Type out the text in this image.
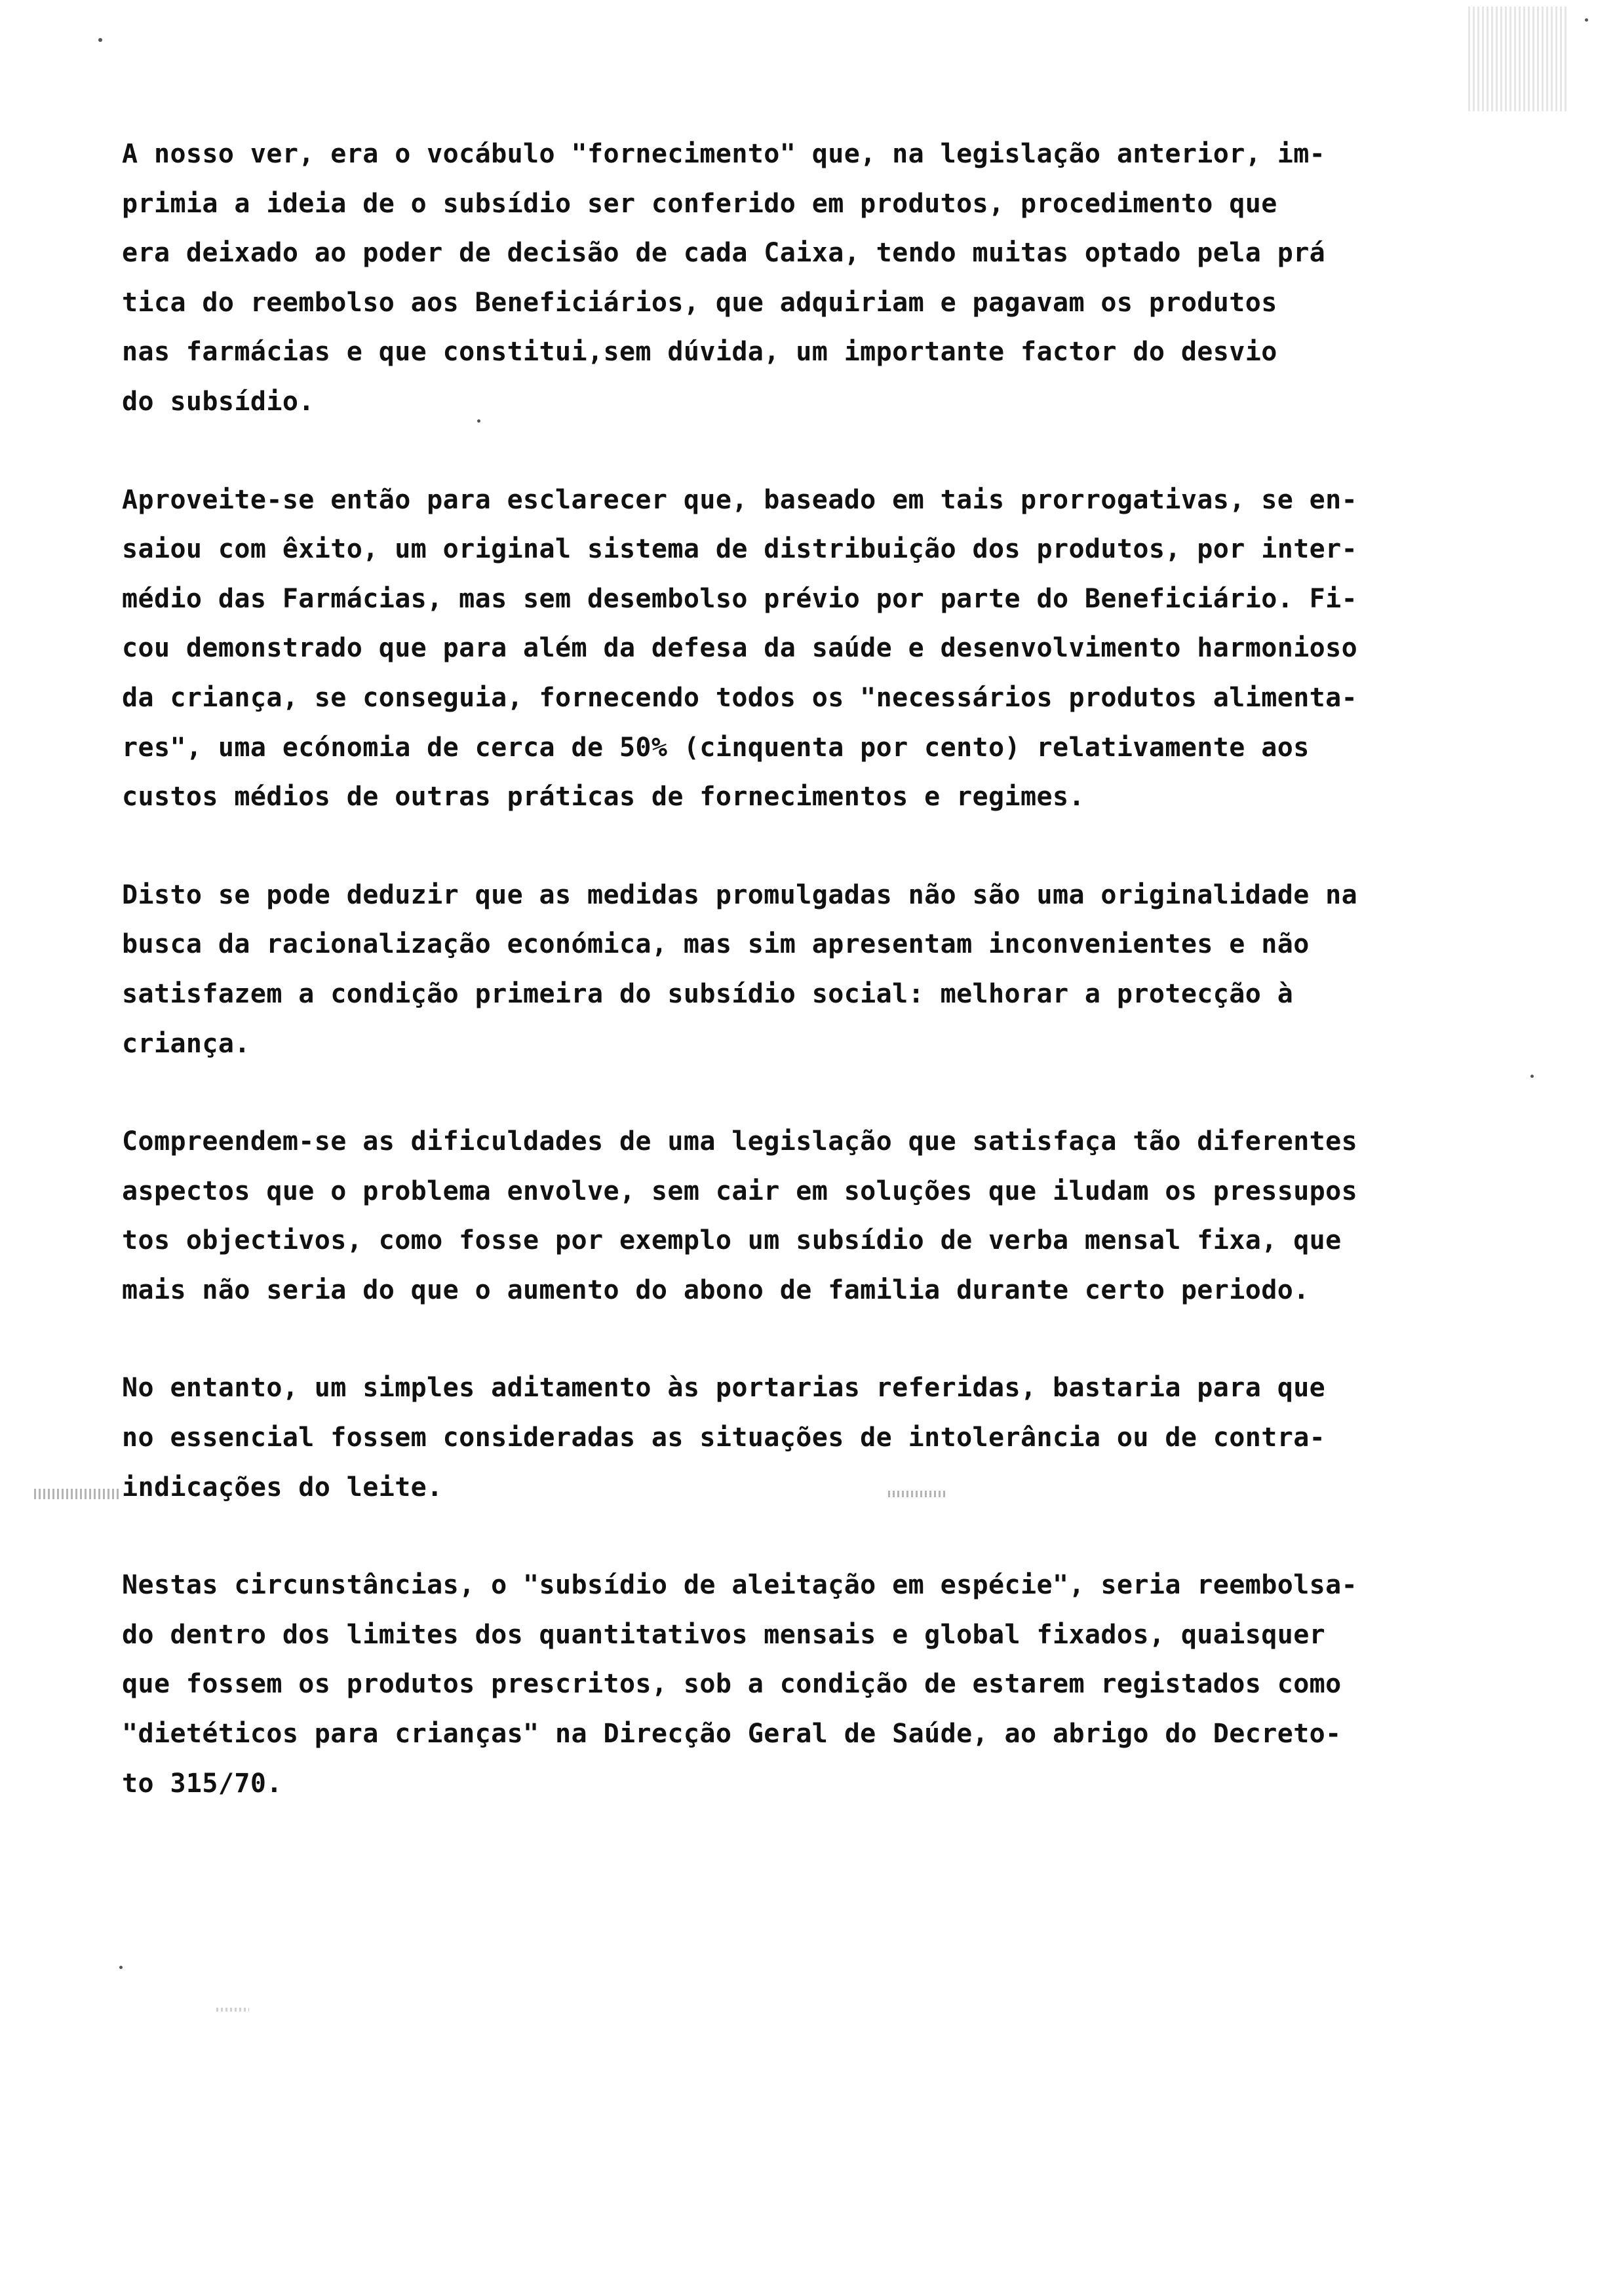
A nosso ver, era o vocábulo "fornecimento" que, na legislação anterior, im-
primia a ideia de o subsídio ser conferido em produtos, procedimento que
era deixado ao poder de decisão de cada Caixa, tendo muitas optado pela prá
tica do reembolso aos Beneficiários, que adquiriam e pagavam os produtos
nas farmácias e que constitui,sem dúvida, um importante factor do desvio
do subsídio.
Aproveite-se então para esclarecer que, baseado em tais prorrogativas, se en-
saiou com êxito, um original sistema de distribuição dos produtos, por inter-
médio das Farmácias, mas sem desembolso prévio por parte do Beneficiário. Fi-
cou demonstrado que para além da defesa da saúde e desenvolvimento harmonioso
da criança, se conseguia, fornecendo todos os "necessários produtos alimenta-
res", uma ecónomia de cerca de 50% (cinquenta por cento) relativamente aos
custos médios de outras práticas de fornecimentos e regimes.
Disto se pode deduzir que as medidas promulgadas não são uma originalidade na
busca da racionalização económica, mas sim apresentam inconvenientes e não
satisfazem a condição primeira do subsídio social: melhorar a protecção à
criança.
Compreendem-se as dificuldades de uma legislação que satisfaça tão diferentes
aspectos que o problema envolve, sem cair em soluções que iludam os pressupos
tos objectivos, como fosse por exemplo um subsídio de verba mensal fixa, que
mais não seria do que o aumento do abono de familia durante certo periodo.
No entanto, um simples aditamento às portarias referidas, bastaria para que
no essencial fossem consideradas as situações de intolerância ou de contra-
indicações do leite.
Nestas circunstâncias, o "subsídio de aleitação em espécie", seria reembolsa-
do dentro dos limites dos quantitativos mensais e global fixados, quaisquer
que fossem os produtos prescritos, sob a condição de estarem registados como
"dietéticos para crianças" na Direcção Geral de Saúde, ao abrigo do Decreto-
to 315/70.
